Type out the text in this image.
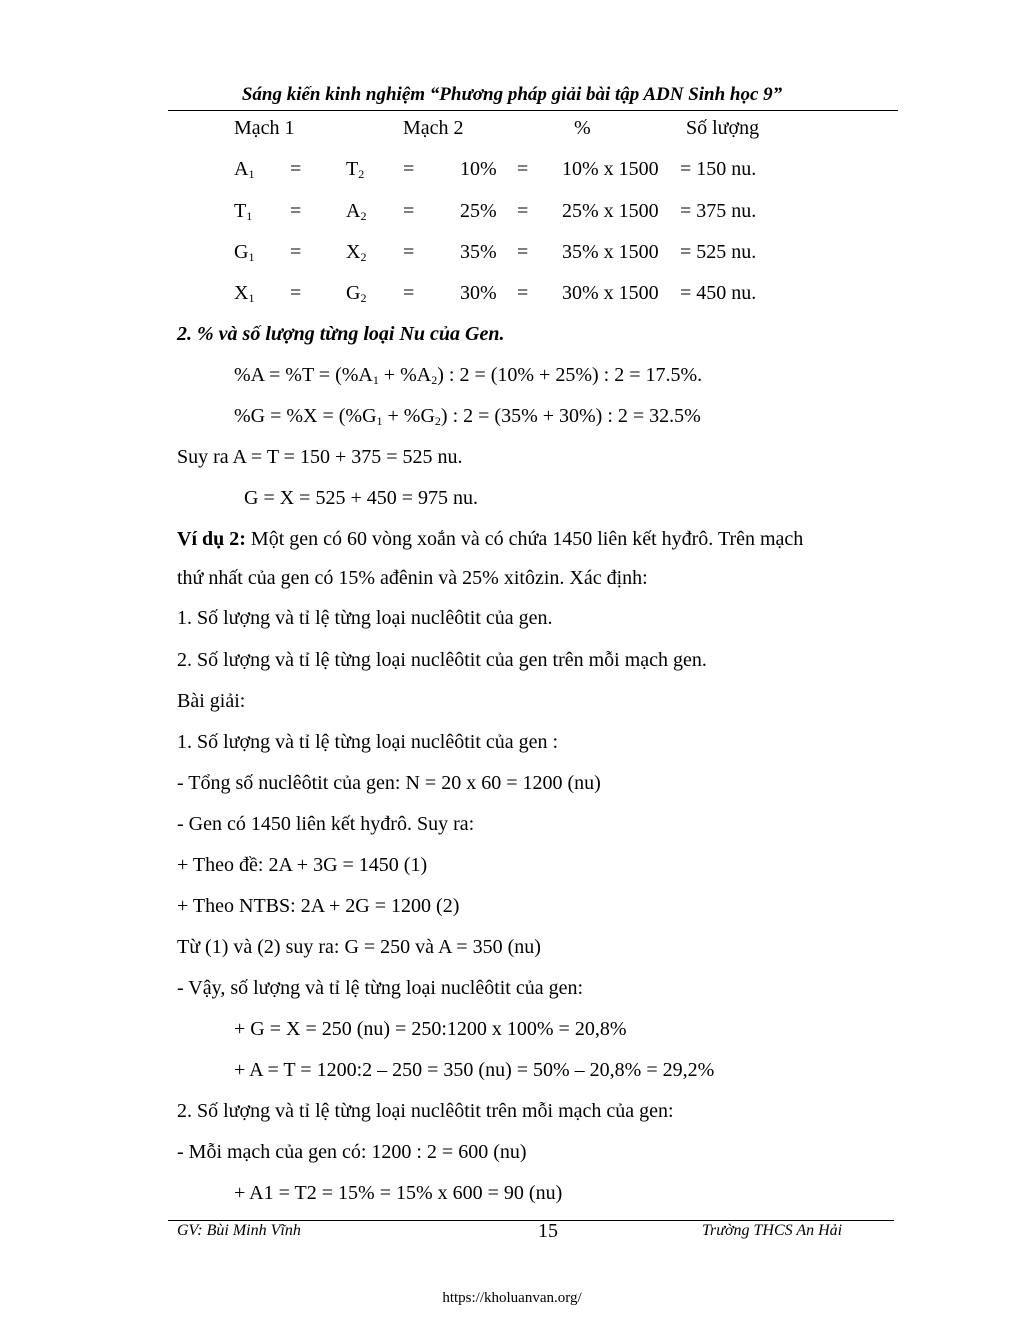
Sáng kiến kinh nghiệm “Phương pháp giải bài tập ADN Sinh học 9”
Mạch 1	Mạch 2	%	Số lượng
$A_1 = T_2 = 10\% = 10\%$ x 1500 = 150 nu.
$T_1 = A_2 = 25\% = 25\%$ x 1500 = 375 nu.
$G_1 = X_2 = 35\% = 35\%$ x 1500 = 525 nu.
$X_1 = G_2 = 30\% = 30\%$ x 1500 = 450 nu.
2. % và số lượng từng loại Nu của Gen.
$\%A = \%T = (\%A_1 + \%A_2)$ : 2 = (10% + 25%) : 2 = 17.5%.
$\%G = \%X = (\%G_1 + \%G_2)$ : 2 = (35% + 30%) : 2 = 32.5%
Suy ra A = T = 150 + 375 = 525 nu.
G = X = 525 + 450 = 975 nu.
Ví dụ 2: Một gen có 60 vòng xoắn và có chứa 1450 liên kết hyđrô. Trên mạch
thứ nhất của gen có 15% ađênin và 25% xitôzin. Xác định:
1. Số lượng và tỉ lệ từng loại nuclêôtit của gen.
2. Số lượng và tỉ lệ từng loại nuclêôtit của gen trên mỗi mạch gen.
Bài giải:
1. Số lượng và tỉ lệ từng loại nuclêôtit của gen :
- Tổng số nuclêôtit của gen: N = 20 x 60 = 1200 (nu)
- Gen có 1450 liên kết hyđrô. Suy ra:
+ Theo đề: 2A + 3G = 1450 (1)
+ Theo NTBS: 2A + 2G = 1200 (2)
Từ (1) và (2) suy ra: G = 250 và A = 350 (nu)
- Vậy, số lượng và tỉ lệ từng loại nuclêôtit của gen:
+ G = X = 250 (nu) = 250:1200 x 100% = 20,8%
+ A = T = 1200:2 – 250 = 350 (nu) = 50% – 20,8% = 29,2%
2. Số lượng và tỉ lệ từng loại nuclêôtit trên mỗi mạch của gen:
- Mỗi mạch của gen có: 1200 : 2 = 600 (nu)
+ A1 = T2 = 15% = 15% x 600 = 90 (nu)
GV: Bùi Minh Vĩnh	15	Trường THCS An Hải
https://kholuanvan.org/
